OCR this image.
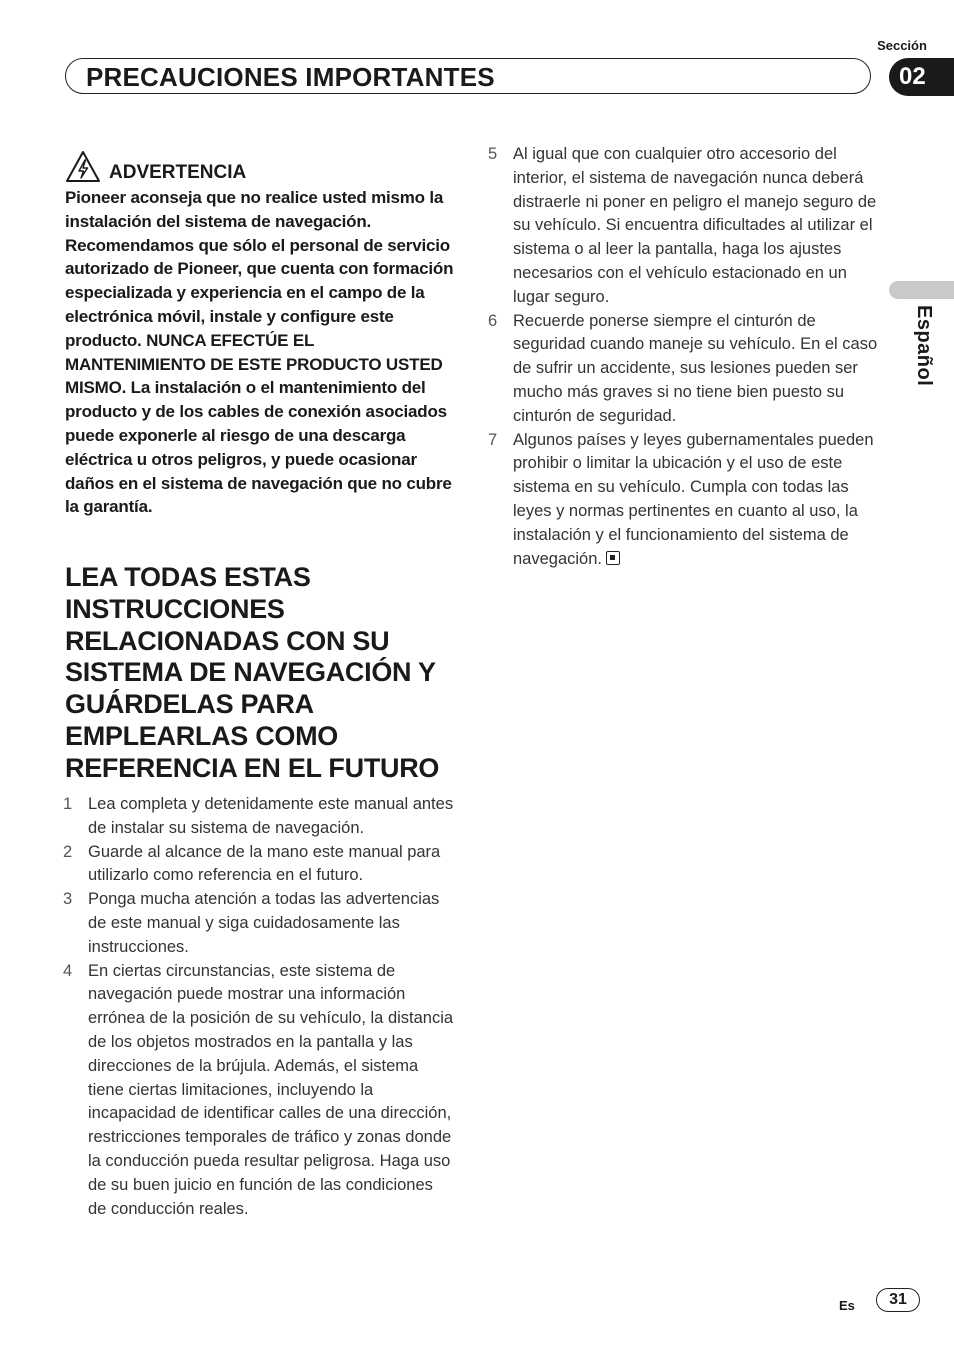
Sección
PRECAUCIONES IMPORTANTES	02
Español
ADVERTENCIA

Pioneer aconseja que no realice usted mismo la instalación del sistema de navegación. Recomendamos que sólo el personal de servicio autorizado de Pioneer, que cuenta con formación especializada y experiencia en el campo de la electrónica móvil, instale y configure este producto. NUNCA EFECTÚE EL MANTENIMIENTO DE ESTE PRODUCTO USTED MISMO. La instalación o el mantenimiento del producto y de los cables de conexión asociados puede exponerle al riesgo de una descarga eléctrica u otros peligros, y puede ocasionar daños en el sistema de navegación que no cubre la garantía.

LEA TODAS ESTAS INSTRUCCIONES RELACIONADAS CON SU SISTEMA DE NAVEGACIÓN Y GUÁRDELAS PARA EMPLEARLAS COMO REFERENCIA EN EL FUTURO
1 Lea completa y detenidamente este manual antes de instalar su sistema de navegación.
2 Guarde al alcance de la mano este manual para utilizarlo como referencia en el futuro.
3 Ponga mucha atención a todas las advertencias de este manual y siga cuidadosamente las instrucciones.
4 En ciertas circunstancias, este sistema de navegación puede mostrar una información errónea de la posición de su vehículo, la distancia de los objetos mostrados en la pantalla y las direcciones de la brújula. Además, el sistema tiene ciertas limitaciones, incluyendo la incapacidad de identificar calles de una dirección, restricciones temporales de tráfico y zonas donde la conducción pueda resultar peligrosa. Haga uso de su buen juicio en función de las condiciones de conducción reales.
5 Al igual que con cualquier otro accesorio del interior, el sistema de navegación nunca deberá distraerle ni poner en peligro el manejo seguro de su vehículo. Si encuentra dificultades al utilizar el sistema o al leer la pantalla, haga los ajustes necesarios con el vehículo estacionado en un lugar seguro.
6 Recuerde ponerse siempre el cinturón de seguridad cuando maneje su vehículo. En el caso de sufrir un accidente, sus lesiones pueden ser mucho más graves si no tiene bien puesto su cinturón de seguridad.
7 Algunos países y leyes gubernamentales pueden prohibir o limitar la ubicación y el uso de este sistema en su vehículo. Cumpla con todas las leyes y normas pertinentes en cuanto al uso, la instalación y el funcionamiento del sistema de navegación.
Es	31
